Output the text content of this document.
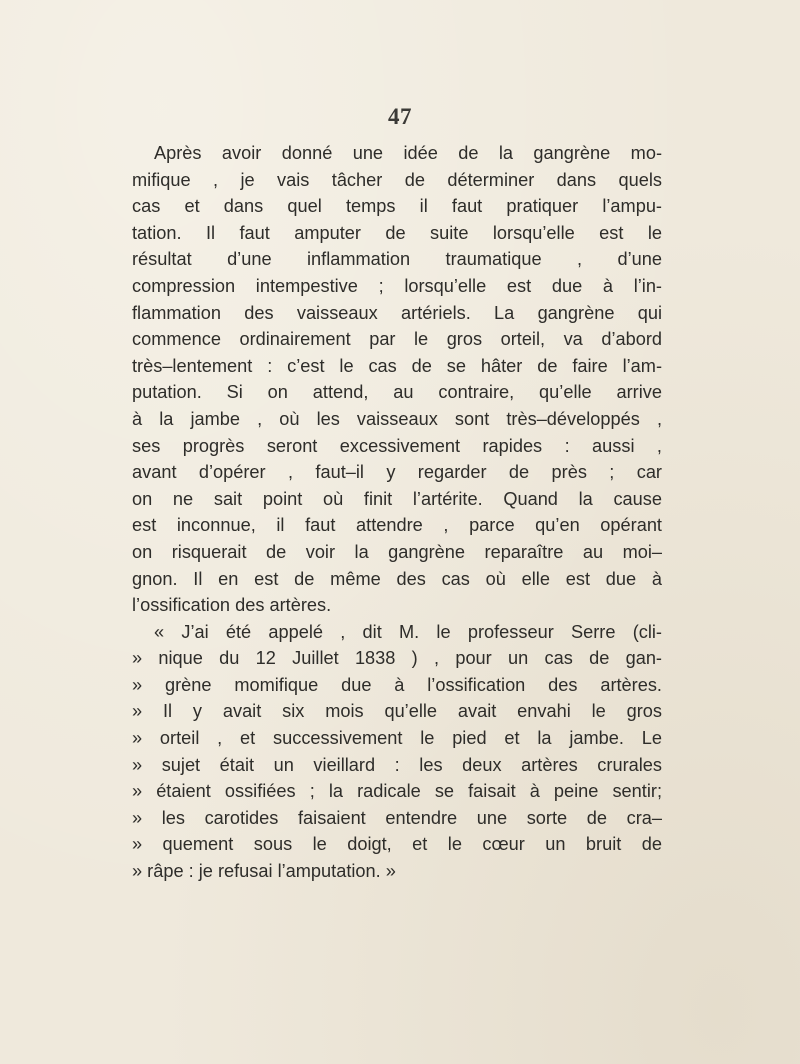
47
Après avoir donné une idée de la gangrène mo-
mifique , je vais tâcher de déterminer dans quels
cas et dans quel temps il faut pratiquer l’ampu-
tation. Il faut amputer de suite lorsqu’elle est le
résultat d’une inflammation traumatique , d’une
compression intempestive ; lorsqu’elle est due à l’in-
flammation des vaisseaux artériels. La gangrène qui
commence ordinairement par le gros orteil, va d’abord
très–lentement : c’est le cas de se hâter de faire l’am-
putation. Si on attend, au contraire, qu’elle arrive
à la jambe , où les vaisseaux sont très–développés ,
ses progrès seront excessivement rapides : aussi ,
avant d’opérer , faut–il y regarder de près ; car
on ne sait point où finit l’artérite. Quand la cause
est inconnue, il faut attendre , parce qu’en opérant
on risquerait de voir la gangrène reparaître au moi–
gnon. Il en est de même des cas où elle est due à
l’ossification des artères.
« J’ai été appelé , dit M. le professeur Serre (cli-
» nique du 12 Juillet 1838 ) , pour un cas de gan-
» grène momifique due à l’ossification des artères.
» Il y avait six mois qu’elle avait envahi le gros
» orteil , et successivement le pied et la jambe. Le
» sujet était un vieillard : les deux artères crurales
» étaient ossifiées ; la radicale se faisait à peine sentir;
» les carotides faisaient entendre une sorte de cra–
» quement sous le doigt, et le cœur un bruit de
» râpe : je refusai l’amputation. »
